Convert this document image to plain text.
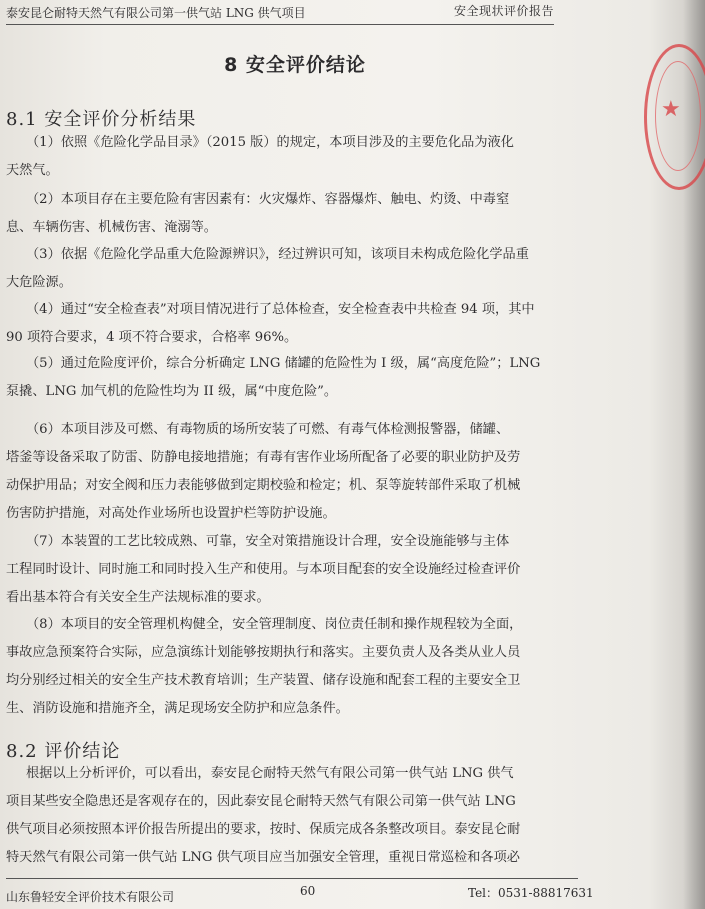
泰安昆仑耐特天然气有限公司第一供气站 LNG 供气项目	安全现状评价报告
★
8 安全评价结论
8.1 安全评价分析结果
（1）依照《危险化学品目录》（2015 版）的规定，本项目涉及的主要危化品为液化
天然气。
（2）本项目存在主要危险有害因素有：火灾爆炸、容器爆炸、触电、灼烫、中毒窒
息、车辆伤害、机械伤害、淹溺等。
（3）依据《危险化学品重大危险源辨识》，经过辨识可知，该项目未构成危险化学品重
大危险源。
（4）通过“安全检查表”对项目情况进行了总体检查，安全检查表中共检查 94 项，其中
90 项符合要求，4 项不符合要求，合格率 96%。
（5）通过危险度评价，综合分析确定 LNG 储罐的危险性为 I 级，属“高度危险”；LNG
泵撬、LNG 加气机的危险性均为 II 级，属“中度危险”。
（6）本项目涉及可燃、有毒物质的场所安装了可燃、有毒气体检测报警器，储罐、
塔釜等设备采取了防雷、防静电接地措施；有毒有害作业场所配备了必要的职业防护及劳
动保护用品；对安全阀和压力表能够做到定期校验和检定；机、泵等旋转部件采取了机械
伤害防护措施，对高处作业场所也设置护栏等防护设施。
（7）本装置的工艺比较成熟、可靠，安全对策措施设计合理，安全设施能够与主体
工程同时设计、同时施工和同时投入生产和使用。与本项目配套的安全设施经过检查评价
看出基本符合有关安全生产法规标准的要求。
（8）本项目的安全管理机构健全，安全管理制度、岗位责任制和操作规程较为全面，
事故应急预案符合实际，应急演练计划能够按期执行和落实。主要负责人及各类从业人员
均分别经过相关的安全生产技术教育培训；生产装置、储存设施和配套工程的主要安全卫
生、消防设施和措施齐全，满足现场安全防护和应急条件。
8.2 评价结论
根据以上分析评价，可以看出，泰安昆仑耐特天然气有限公司第一供气站 LNG 供气
项目某些安全隐患还是客观存在的，因此泰安昆仑耐特天然气有限公司第一供气站 LNG
供气项目必须按照本评价报告所提出的要求，按时、保质完成各条整改项目。泰安昆仑耐
特天然气有限公司第一供气站 LNG 供气项目应当加强安全管理，重视日常巡检和各项必
山东鲁轻安全评价技术有限公司	60	Tel：0531-88817631
